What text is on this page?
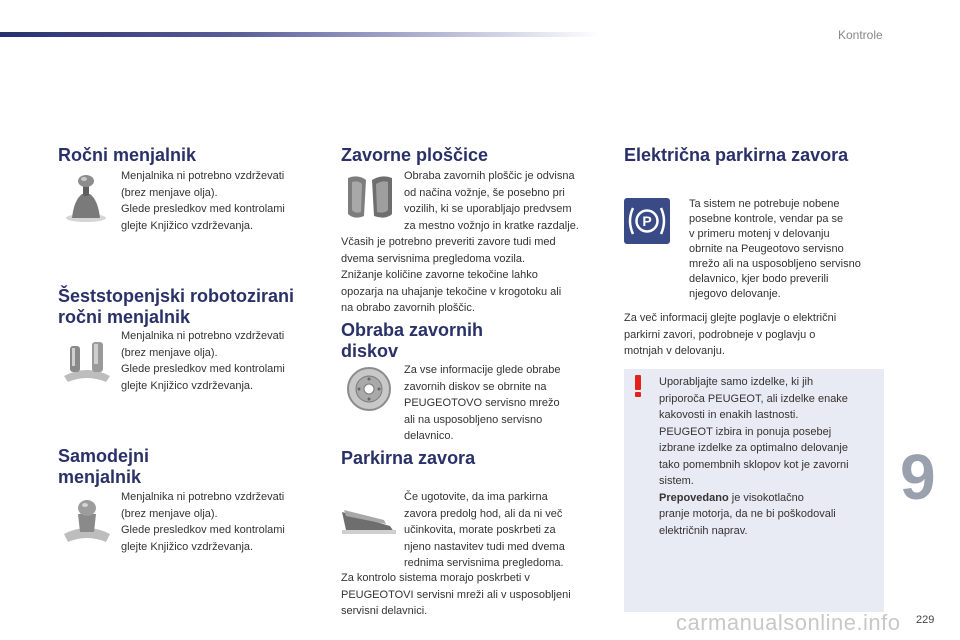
Kontrole
Ročni menjalnik

Menjalnika ni potrebno vzdrževati
(brez menjave olja).
Glede presledkov med kontrolami
glejte Knjižico vzdrževanja.

Šeststopenjski robotozirani
ročni menjalnik

Menjalnika ni potrebno vzdrževati
(brez menjave olja).
Glede presledkov med kontrolami
glejte Knjižico vzdrževanja.

Samodejni
menjalnik

Menjalnika ni potrebno vzdrževati
(brez menjave olja).
Glede presledkov med kontrolami
glejte Knjižico vzdrževanja.

Zavorne ploščice

Obraba zavornih ploščic je odvisna
od načina vožnje, še posebno pri
vozilih, ki se uporabljajo predvsem
za mestno vožnjo in kratke razdalje.

Včasih je potrebno preveriti zavore tudi med
dvema servisnima pregledoma vozila.
Znižanje količine zavorne tekočine lahko
opozarja na uhajanje tekočine v krogotoku ali
na obrabo zavornih ploščic.

Obraba zavornih
diskov

Za vse informacije glede obrabe
zavornih diskov se obrnite na
PEUGEOTOVO servisno mrežo
ali na usposobljeno servisno
delavnico.

Parkirna zavora

Če ugotovite, da ima parkirna
zavora predolg hod, ali da ni več
učinkovita, morate poskrbeti za
njeno nastavitev tudi med dvema
rednima servisnima pregledoma.

Za kontrolo sistema morajo poskrbeti v
PEUGEOTOVI servisni mreži ali v usposobljeni
servisni delavnici.

Električna parkirna zavora
P

Ta sistem ne potrebuje nobene
posebne kontrole, vendar pa se
v primeru motenj v delovanju
obrnite na Peugeotovo servisno
mrežo ali na usposobljeno servisno
delavnico, kjer bodo preverili
njegovo delovanje.

Za več informacij glejte poglavje o električni
parkirni zavori, podrobneje v poglavju o
motnjah v delovanju.

Uporabljajte samo izdelke, ki jih
priporoča PEUGEOT, ali izdelke enake
kakovosti in enakih lastnosti.
PEUGEOT izbira in ponuja posebej
izbrane izdelke za optimalno delovanje
tako pomembnih sklopov kot je zavorni
sistem.
Prepovedano je visokotlačno
pranje motorja, da ne bi poškodovali
električnih naprav.

9
carmanualsonline.info 229
